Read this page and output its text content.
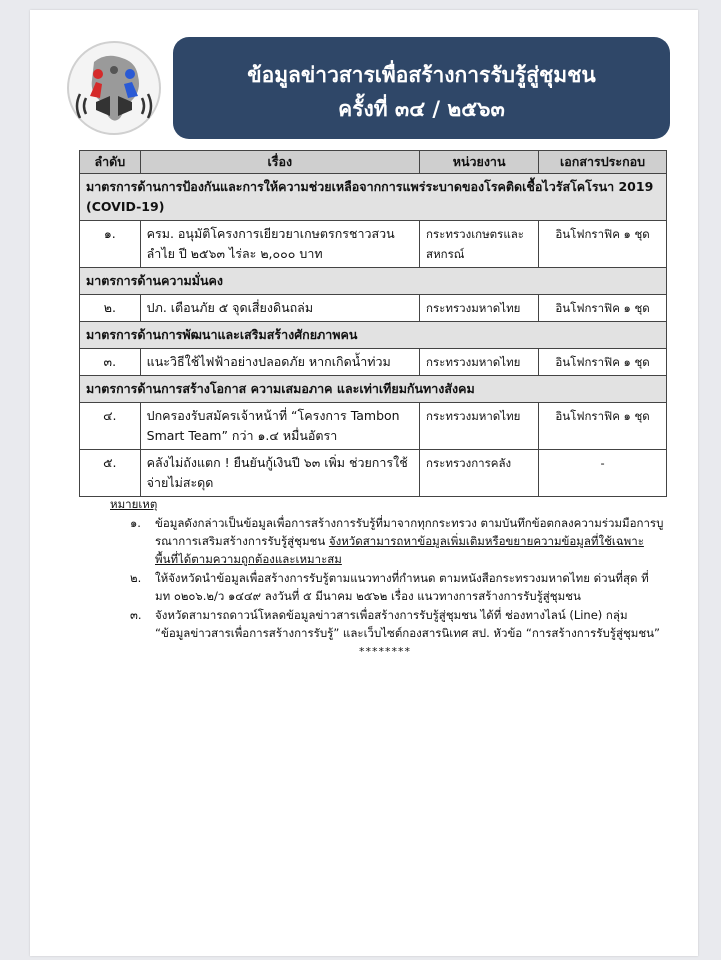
ข้อมูลข่าวสารเพื่อสร้างการรับรู้สู่ชุมชน
ครั้งที่ ๓๔ / ๒๕๖๓
ลำดับ	เรื่อง	หน่วยงาน	เอกสารประกอบ
มาตรการด้านการป้องกันและการให้ความช่วยเหลือจากการแพร่ระบาดของโรคติดเชื้อไวรัสโคโรนา 2019 (COVID-19)			
๑.	ครม. อนุมัติโครงการเยียวยาเกษตรกรชาวสวนลำไย ปี ๒๕๖๓ ไร่ละ ๒,๐๐๐ บาท	กระทรวงเกษตรและสหกรณ์	อินโฟกราฟิค ๑ ชุด
มาตรการด้านความมั่นคง			
๒.	ปภ. เตือนภัย ๕ จุดเสี่ยงดินถล่ม	กระทรวงมหาดไทย	อินโฟกราฟิค ๑ ชุด
มาตรการด้านการพัฒนาและเสริมสร้างศักยภาพคน			
๓.	แนะวิธีใช้ไฟฟ้าอย่างปลอดภัย หากเกิดน้ำท่วม	กระทรวงมหาดไทย	อินโฟกราฟิค ๑ ชุด
มาตรการด้านการสร้างโอกาส ความเสมอภาค และเท่าเทียมกันทางสังคม			
๔.	ปกครองรับสมัครเจ้าหน้าที่ “โครงการ Tambon Smart Team” กว่า ๑.๔ หมื่นอัตรา	กระทรวงมหาดไทย	อินโฟกราฟิค ๑ ชุด
๕.	คลังไม่ถังแตก ! ยืนยันกู้เงินปี ๖๓ เพิ่ม ช่วยการใช้จ่ายไม่สะดุด	กระทรวงการคลัง	-
หมายเหตุ
๑. ข้อมูลดังกล่าวเป็นข้อมูลเพื่อการสร้างการรับรู้ที่มาจากทุกกระทรวง ตามบันทึกข้อตกลงความร่วมมือการบูรณาการเสริมสร้างการรับรู้สู่ชุมชน จังหวัดสามารถหาข้อมูลเพิ่มเติมหรือขยายความข้อมูลที่ใช้เฉพาะพื้นที่ได้ตามความถูกต้องและเหมาะสม
๒. ให้จังหวัดนำข้อมูลเพื่อสร้างการรับรู้ตามแนวทางที่กำหนด ตามหนังสือกระทรวงมหาดไทย ด่วนที่สุด ที่ มท ๐๒๐๖.๒/ว ๑๔๔๙ ลงวันที่ ๕ มีนาคม ๒๕๖๒ เรื่อง แนวทางการสร้างการรับรู้สู่ชุมชน
๓. จังหวัดสามารถดาวน์โหลดข้อมูลข่าวสารเพื่อสร้างการรับรู้สู่ชุมชน ได้ที่ ช่องทางไลน์ (Line) กลุ่ม “ข้อมูลข่าวสารเพื่อการสร้างการรับรู้” และเว็บไซต์กองสารนิเทศ สป. หัวข้อ “การสร้างการรับรู้สู่ชุมชน”
********
